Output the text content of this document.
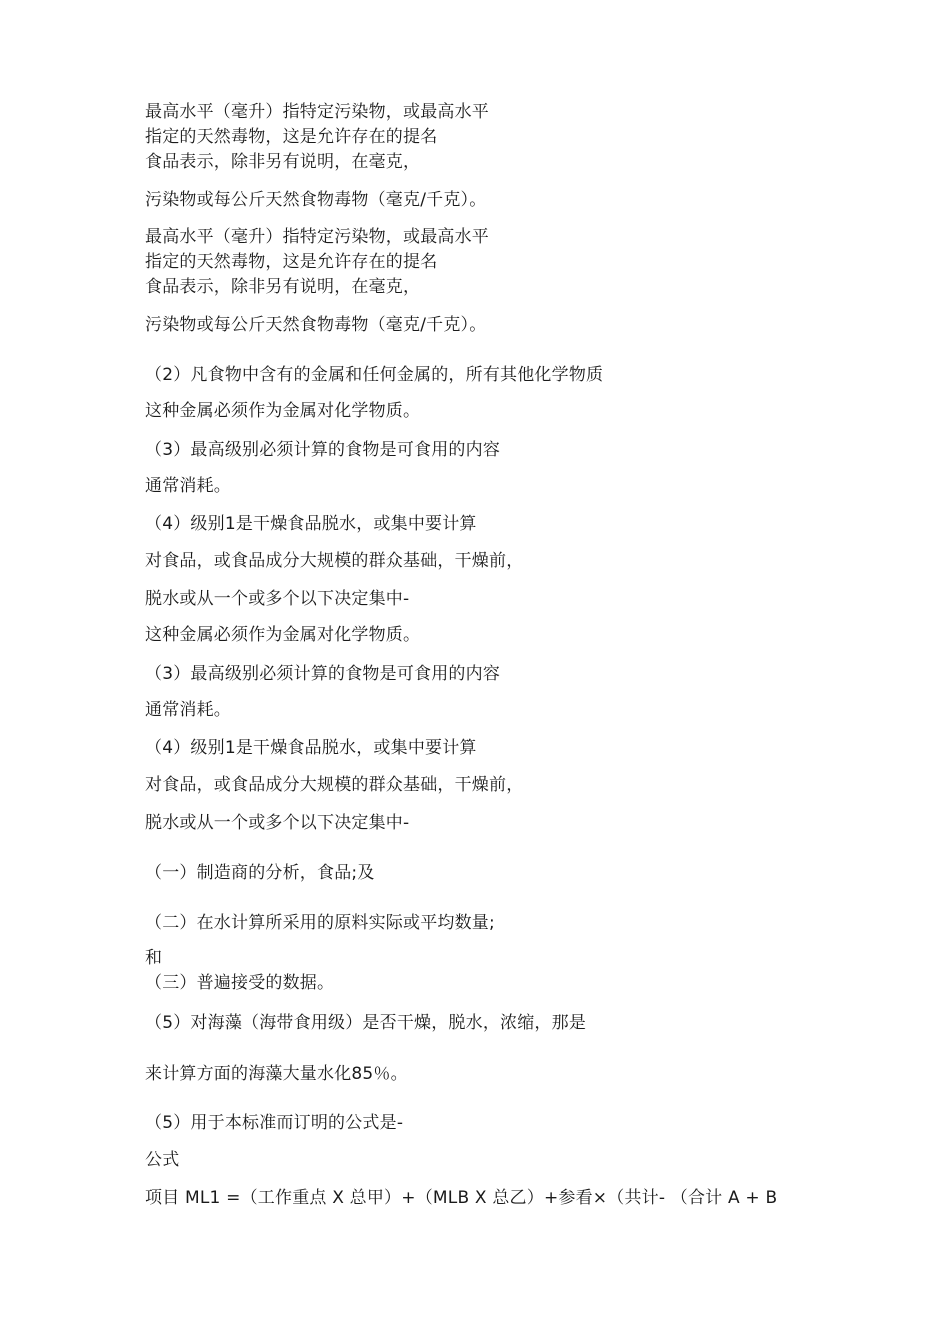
最高水平（毫升）指特定污染物，或最高水平
指定的天然毒物，这是允许存在的提名
食品表示，除非另有说明，在毫克，
污染物或每公斤天然食物毒物（毫克/千克）。
最高水平（毫升）指特定污染物，或最高水平
指定的天然毒物，这是允许存在的提名
食品表示，除非另有说明，在毫克，
污染物或每公斤天然食物毒物（毫克/千克）。
（2）凡食物中含有的金属和任何金属的，所有其他化学物质
这种金属必须作为金属对化学物质。
（3）最高级别必须计算的食物是可食用的内容
通常消耗。
（4）级别1是干燥食品脱水，或集中要计算
对食品，或食品成分大规模的群众基础，干燥前，
脱水或从一个或多个以下决定集中-
这种金属必须作为金属对化学物质。
（3）最高级别必须计算的食物是可食用的内容
通常消耗。
（4）级别1是干燥食品脱水，或集中要计算
对食品，或食品成分大规模的群众基础，干燥前，
脱水或从一个或多个以下决定集中-
（一）制造商的分析，食品;及
（二）在水计算所采用的原料实际或平均数量;
和
（三）普遍接受的数据。
（5）对海藻（海带食用级）是否干燥，脱水，浓缩，那是
来计算方面的海藻大量水化85％。
（5）用于本标准而订明的公式是-
公式
项目 ML1 =（工作重点 X 总甲）+（MLB X 总乙）+参看×（共计- （合计 A + B
